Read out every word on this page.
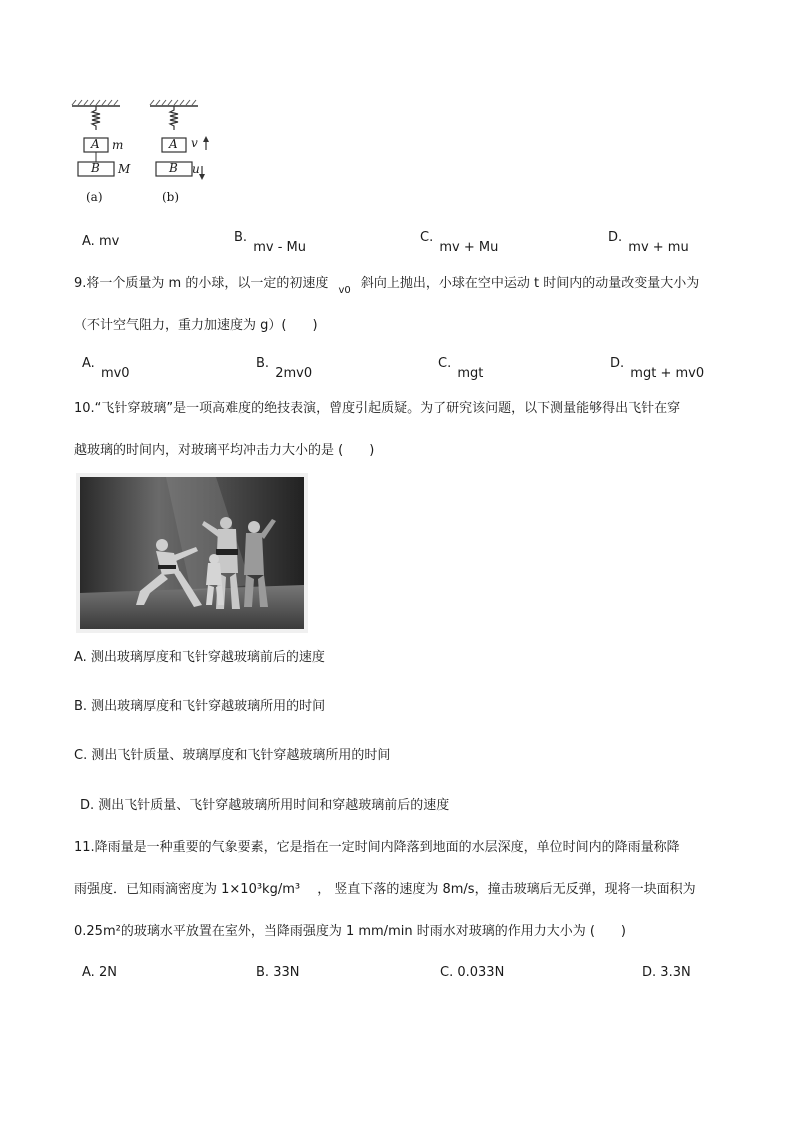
A	A
B	B
m
M
v
u
(a)	(b)
A. mv	B. mv - Mu
C. mv + Mu
D. mv + mu
9.将一个质量为 m 的小球，以一定的初速度 $_{v0}$ 斜向上抛出，小球在空中运动 t 时间内的动量改变量大小为
（不计空气阻力，重力加速度为 g）(　　)
A. mv0
B. 2mv0
C. mgt
D. mgt + mv0
10.“飞针穿玻璃”是一项高难度的绝技表演，曾度引起质疑。为了研究该问题，以下测量能够得出飞针在穿
越玻璃的时间内，对玻璃平均冲击力大小的是 (　　)
A. 测出玻璃厚度和飞针穿越玻璃前后的速度
B. 测出玻璃厚度和飞针穿越玻璃所用的时间
C. 测出飞针质量、玻璃厚度和飞针穿越玻璃所用的时间
D. 测出飞针质量、飞针穿越玻璃所用时间和穿越玻璃前后的速度
11.降雨量是一种重要的气象要素，它是指在一定时间内降落到地面的水层深度，单位时间内的降雨量称降
雨强度．已知雨滴密度为 1×10³kg/m³　 ， 竖直下落的速度为 8m/s，撞击玻璃后无反弹，现将一块面积为
0.25m²的玻璃水平放置在室外，当降雨强度为 1 mm/min 时雨水对玻璃的作用力大小为 (　　)
A. 2N	B. 33N	C. 0.033N	D. 3.3N
